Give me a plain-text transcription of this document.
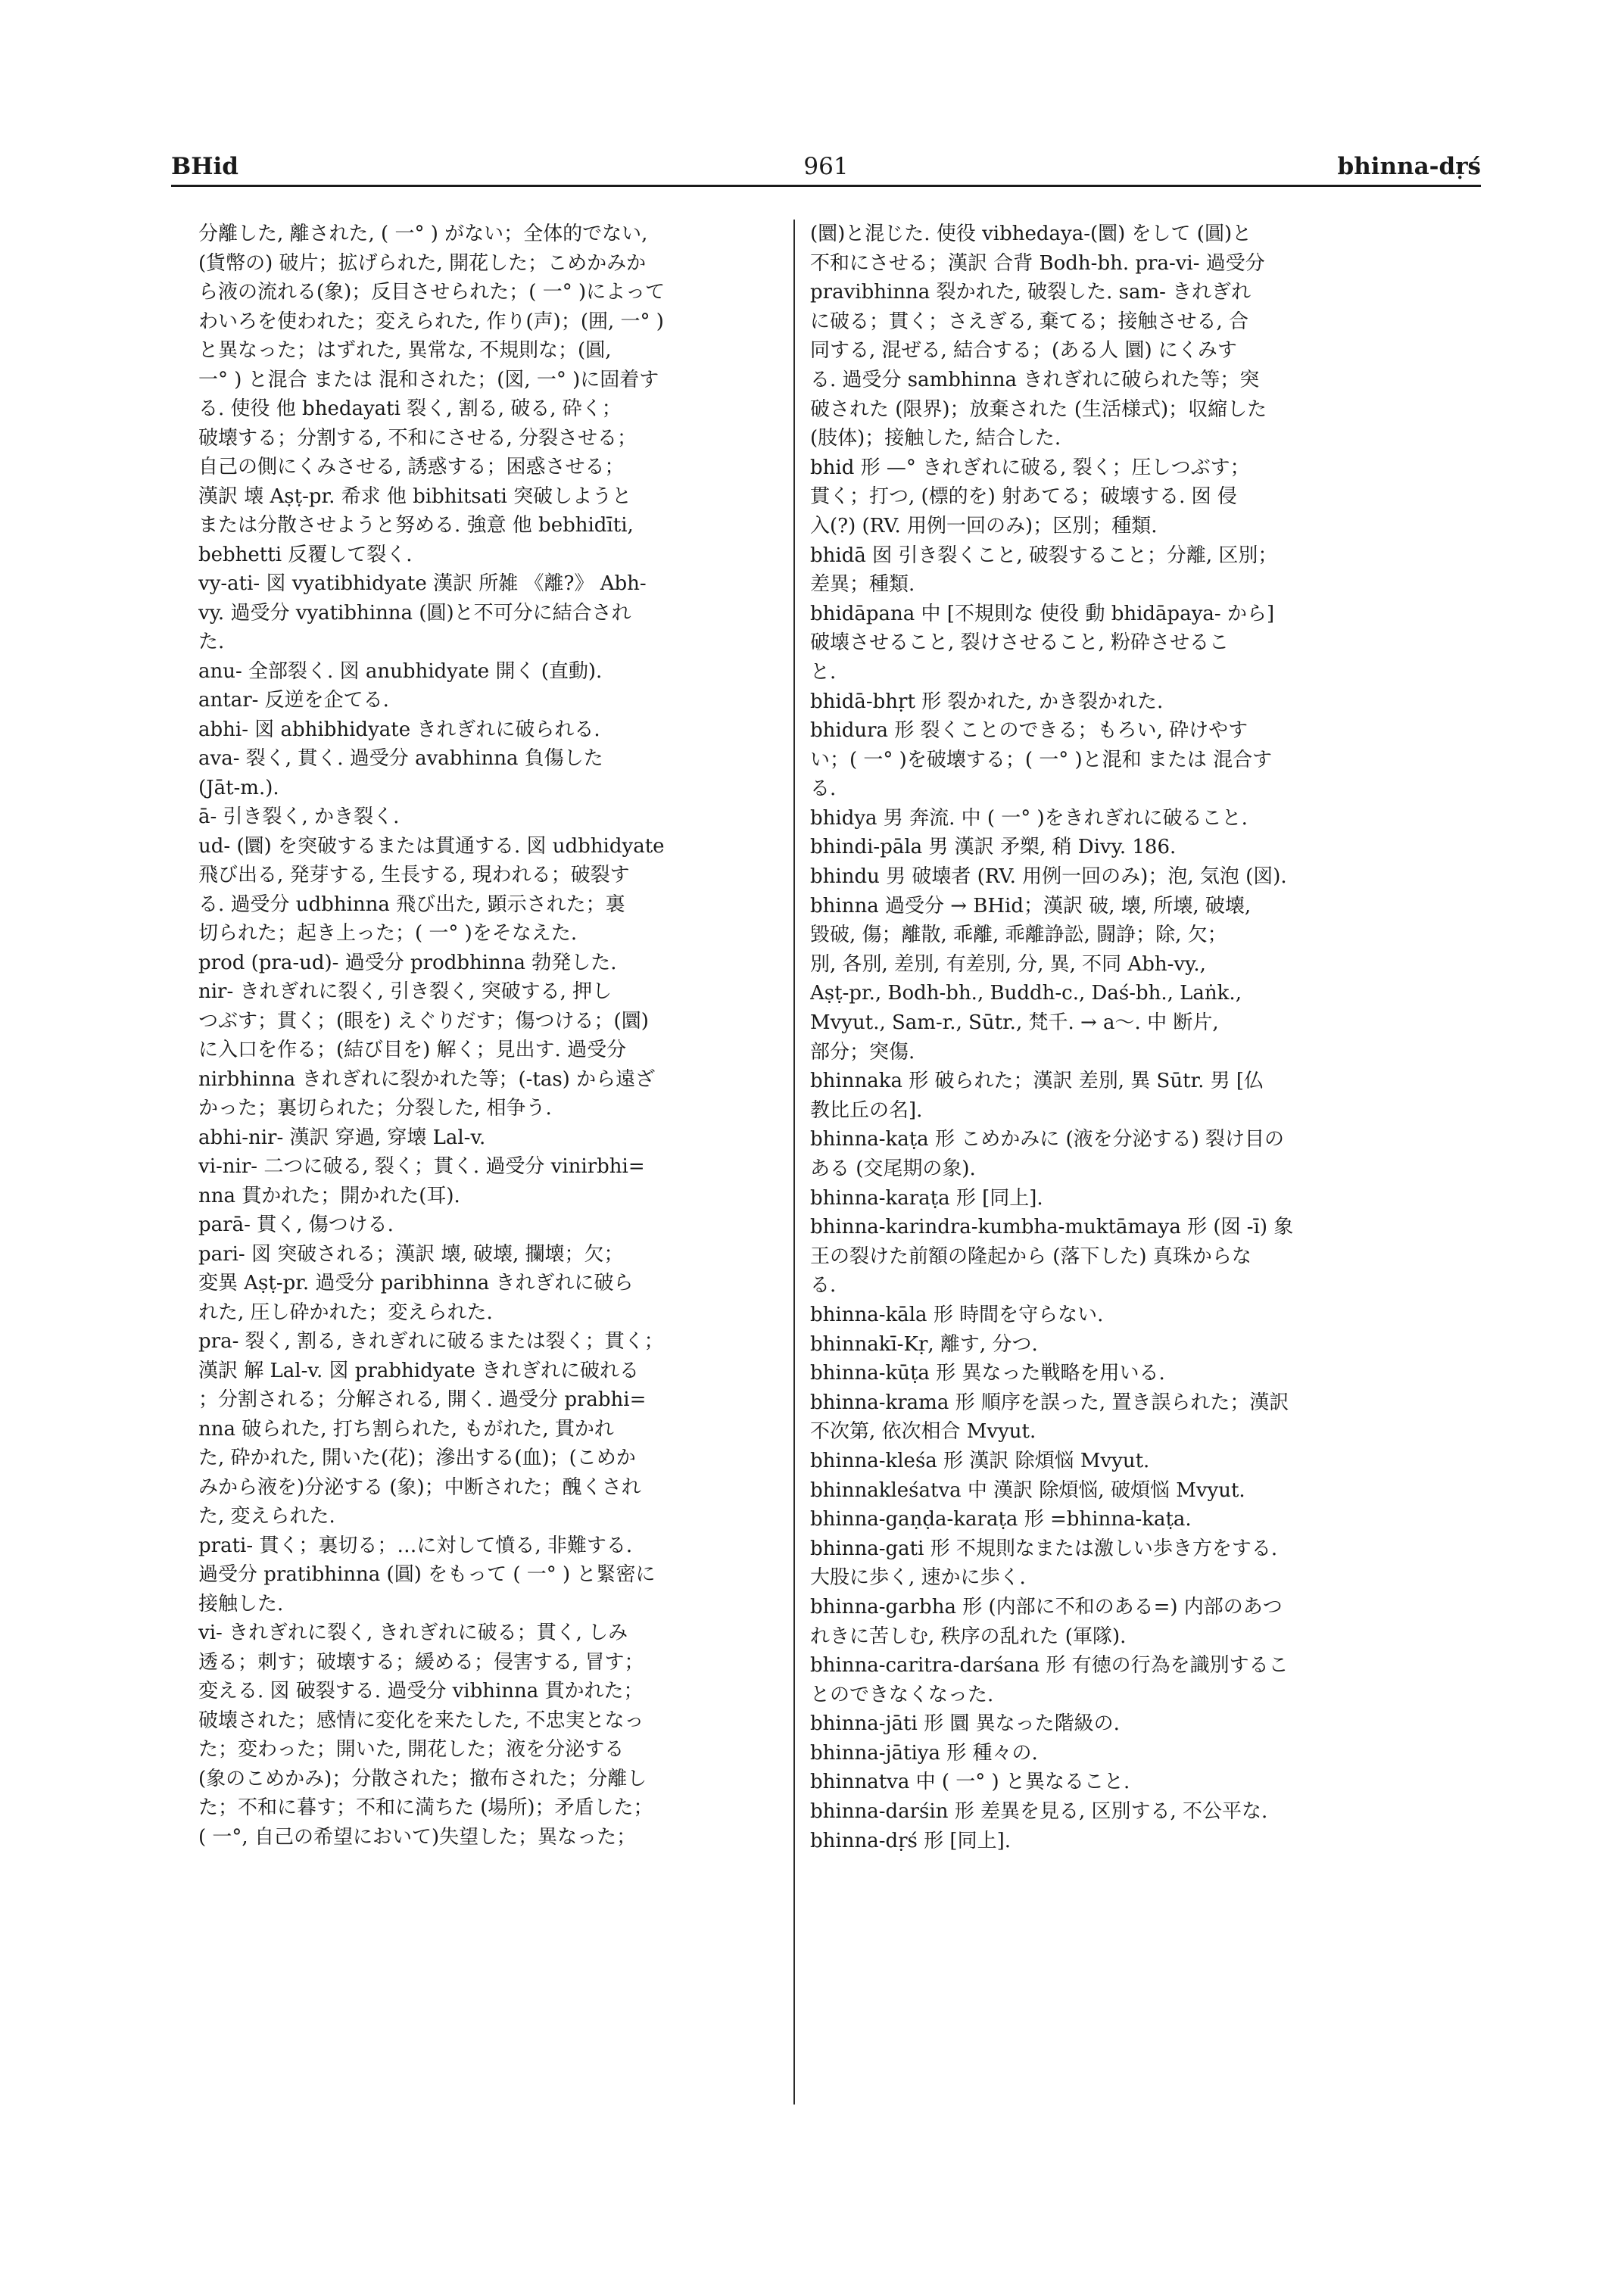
BHid	961	bhinna-dṛś
分離した, 離された, ( 一° ) がない；全体的でない,
(貨幣の) 破片；拡げられた, 開花した；こめかみか
ら液の流れる(象)；反目させられた；( 一° )によって
わいろを使われた；変えられた, 作り(声)；(囲, 一° )
と異なった；はずれた, 異常な, 不規則な；(圓,
一° ) と混合 または 混和された；(図, 一° )に固着す
る. 使役 他 bhedayati 裂く, 割る, 破る, 砕く；
破壊する；分割する, 不和にさせる, 分裂させる；
自己の側にくみさせる, 誘惑する；困惑させる；
漢訳 壊 Aṣṭ-pr. 希求 他 bibhitsati 突破しようと
または分散させようと努める. 強意 他 bebhidīti,
bebhetti 反覆して裂く.
vy-ati- 図 vyatibhidyate 漢訳 所雑 《離?》 Abh-
vy. 過受分 vyatibhinna (圓)と不可分に結合され
た.
anu- 全部裂く. 図 anubhidyate 開く (直動).
antar- 反逆を企てる.
abhi- 図 abhibhidyate きれぎれに破られる.
ava- 裂く, 貫く. 過受分 avabhinna 負傷した
(Jāt-m.).
ā- 引き裂く, かき裂く.
ud- (圜) を突破するまたは貫通する. 図 udbhidyate
飛び出る, 発芽する, 生長する, 現われる；破裂す
る. 過受分 udbhinna 飛び出た, 顕示された；裏
切られた；起き上った；( 一° )をそなえた.
prod (pra-ud)- 過受分 prodbhinna 勃発した.
nir- きれぎれに裂く, 引き裂く, 突破する, 押し
つぶす；貫く；(眼を) えぐりだす；傷つける；(圜)
に入口を作る；(結び目を) 解く；見出す. 過受分
nirbhinna きれぎれに裂かれた等；(-tas) から遠ざ
かった；裏切られた；分裂した, 相争う.
abhi-nir- 漢訳 穿過, 穿壊 Lal-v.
vi-nir- 二つに破る, 裂く；貫く. 過受分 vinirbhi=
nna 貫かれた；開かれた(耳).
parā- 貫く, 傷つける.
pari- 図 突破される；漢訳 壊, 破壊, 攔壊；欠；
変異 Aṣṭ-pr. 過受分 paribhinna きれぎれに破ら
れた, 圧し砕かれた；変えられた.
pra- 裂く, 割る, きれぎれに破るまたは裂く；貫く；
漢訳 解 Lal-v. 図 prabhidyate きれぎれに破れる
；分割される；分解される, 開く. 過受分 prabhi=
nna 破られた, 打ち割られた, もがれた, 貫かれ
た, 砕かれた, 開いた(花)；滲出する(血)；(こめか
みから液を)分泌する (象)；中断された；醜くされ
た, 変えられた.
prati- 貫く；裏切る；…に対して憤る, 非難する.
過受分 pratibhinna (圓) をもって ( 一° ) と緊密に
接触した.
vi- きれぎれに裂く, きれぎれに破る；貫く, しみ
透る；刺す；破壊する；緩める；侵害する, 冒す；
変える. 図 破裂する. 過受分 vibhinna 貫かれた；
破壊された；感情に変化を来たした, 不忠実となっ
た；変わった；開いた, 開花した；液を分泌する
(象のこめかみ)；分散された；撤布された；分離し
た；不和に暮す；不和に満ちた (場所)；矛盾した；
( 一°, 自己の希望において)失望した；異なった；
(圜)と混じた. 使役 vibhedaya-(圜) をして (圓)と
不和にさせる；漢訳 合背 Bodh-bh. pra-vi- 過受分
pravibhinna 裂かれた, 破裂した. sam- きれぎれ
に破る；貫く；さえぎる, 棄てる；接触させる, 合
同する, 混ぜる, 結合する；(ある人 圜) にくみす
る. 過受分 sambhinna きれぎれに破られた等；突
破された (限界)；放棄された (生活様式)；収縮した
(肢体)；接触した, 結合した.
bhid 形 —° きれぎれに破る, 裂く；圧しつぶす；
貫く；打つ, (標的を) 射あてる；破壊する. 囡 侵
入(?) (RV. 用例一回のみ)；区別；種類.
bhidā 囡 引き裂くこと, 破裂すること；分離, 区別；
差異；種類.
bhidāpana 中 [不規則な 使役 動 bhidāpaya- から]
破壊させること, 裂けさせること, 粉砕させるこ
と.
bhidā-bhṛt 形 裂かれた, かき裂かれた.
bhidura 形 裂くことのできる；もろい, 砕けやす
い；( 一° )を破壊する；( 一° )と混和 または 混合す
る.
bhidya 男 奔流. 中 ( 一° )をきれぎれに破ること.
bhindi-pāla 男 漢訳 矛槊, 稍 Divy. 186.
bhindu 男 破壊者 (RV. 用例一回のみ)；泡, 気泡 (図).
bhinna 過受分 → BHid；漢訳 破, 壊, 所壊, 破壊,
毀破, 傷；離散, 乖離, 乖離諍訟, 闘諍；除, 欠；
別, 各別, 差別, 有差別, 分, 異, 不同 Abh-vy.,
Aṣṭ-pr., Bodh-bh., Buddh-c., Daś-bh., Laṅk.,
Mvyut., Sam-r., Sūtr., 梵千. → a～. 中 断片,
部分；突傷.
bhinnaka 形 破られた；漢訳 差別, 異 Sūtr. 男 [仏
教比丘の名].
bhinna-kaṭa 形 こめかみに (液を分泌する) 裂け目の
ある (交尾期の象).
bhinna-karaṭa 形 [同上].
bhinna-karindra-kumbha-muktāmaya 形 (囡 -ī) 象
王の裂けた前額の隆起から (落下した) 真珠からな
る.
bhinna-kāla 形 時間を守らない.
bhinnakī-Kṛ, 離す, 分つ.
bhinna-kūṭa 形 異なった戦略を用いる.
bhinna-krama 形 順序を誤った, 置き誤られた；漢訳
不次第, 依次相合 Mvyut.
bhinna-kleśa 形 漢訳 除煩悩 Mvyut.
bhinnakleśatva 中 漢訳 除煩悩, 破煩悩 Mvyut.
bhinna-gaṇḍa-karaṭa 形 =bhinna-kaṭa.
bhinna-gati 形 不規則なまたは激しい歩き方をする.
大股に歩く, 速かに歩く.
bhinna-garbha 形 (内部に不和のある=) 内部のあつ
れきに苦しむ, 秩序の乱れた (軍隊).
bhinna-caritra-darśana 形 有徳の行為を識別するこ
とのできなくなった.
bhinna-jāti 形 圜 異なった階級の.
bhinna-jātiya 形 種々の.
bhinnatva 中 ( 一° ) と異なること.
bhinna-darśin 形 差異を見る, 区別する, 不公平な.
bhinna-dṛś 形 [同上].
